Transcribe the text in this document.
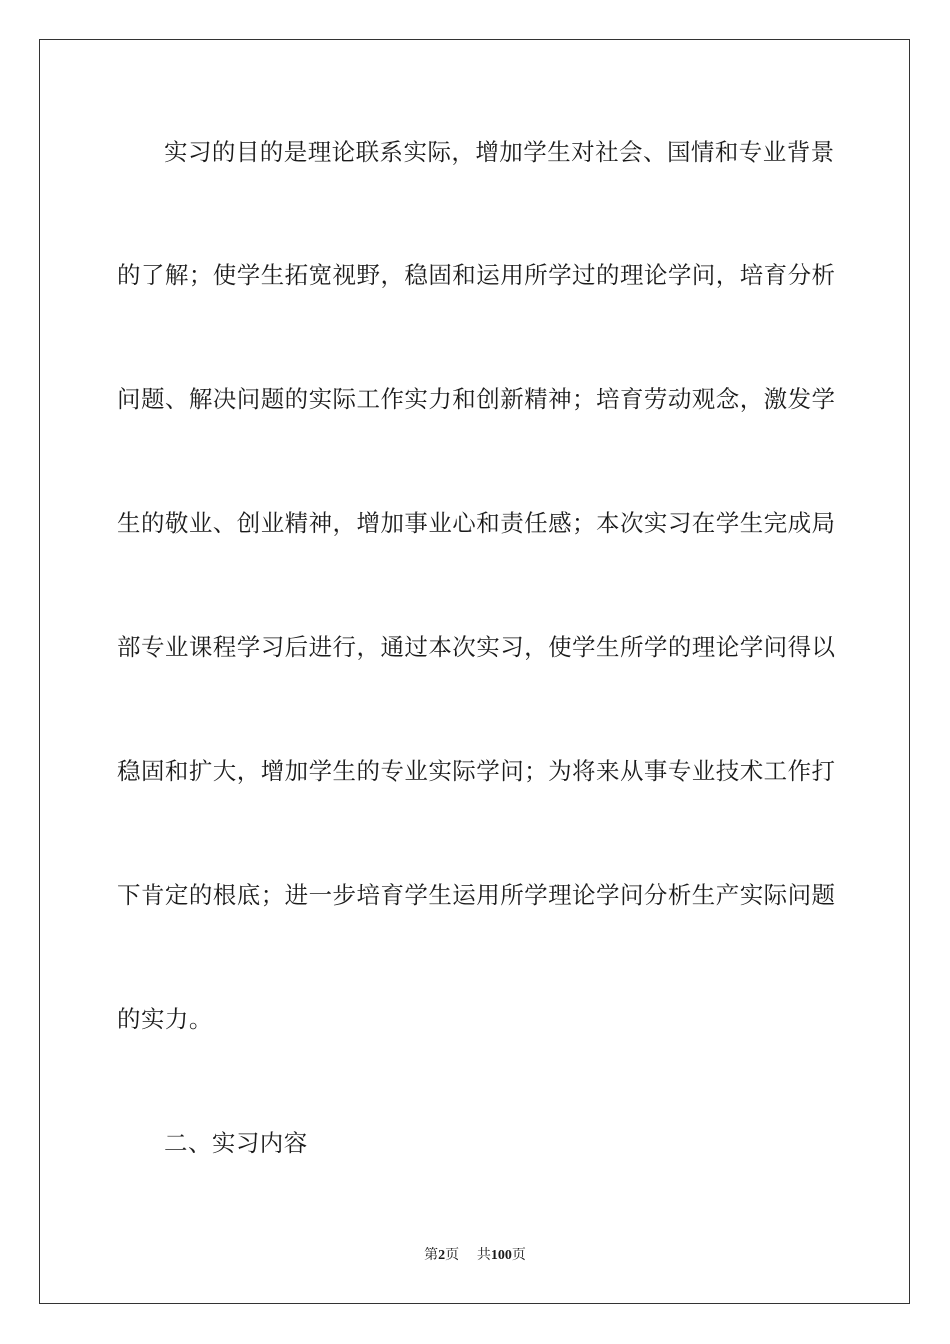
实习的目的是理论联系实际，增加学生对社会、国情和专业背景
的了解；使学生拓宽视野，稳固和运用所学过的理论学问，培育分析
问题、解决问题的实际工作实力和创新精神；培育劳动观念，激发学
生的敬业、创业精神，增加事业心和责任感；本次实习在学生完成局
部专业课程学习后进行，通过本次实习，使学生所学的理论学问得以
稳固和扩大，增加学生的专业实际学问；为将来从事专业技术工作打
下肯定的根底；进一步培育学生运用所学理论学问分析生产实际问题
的实力。
二、实习内容
第2页 共100页
